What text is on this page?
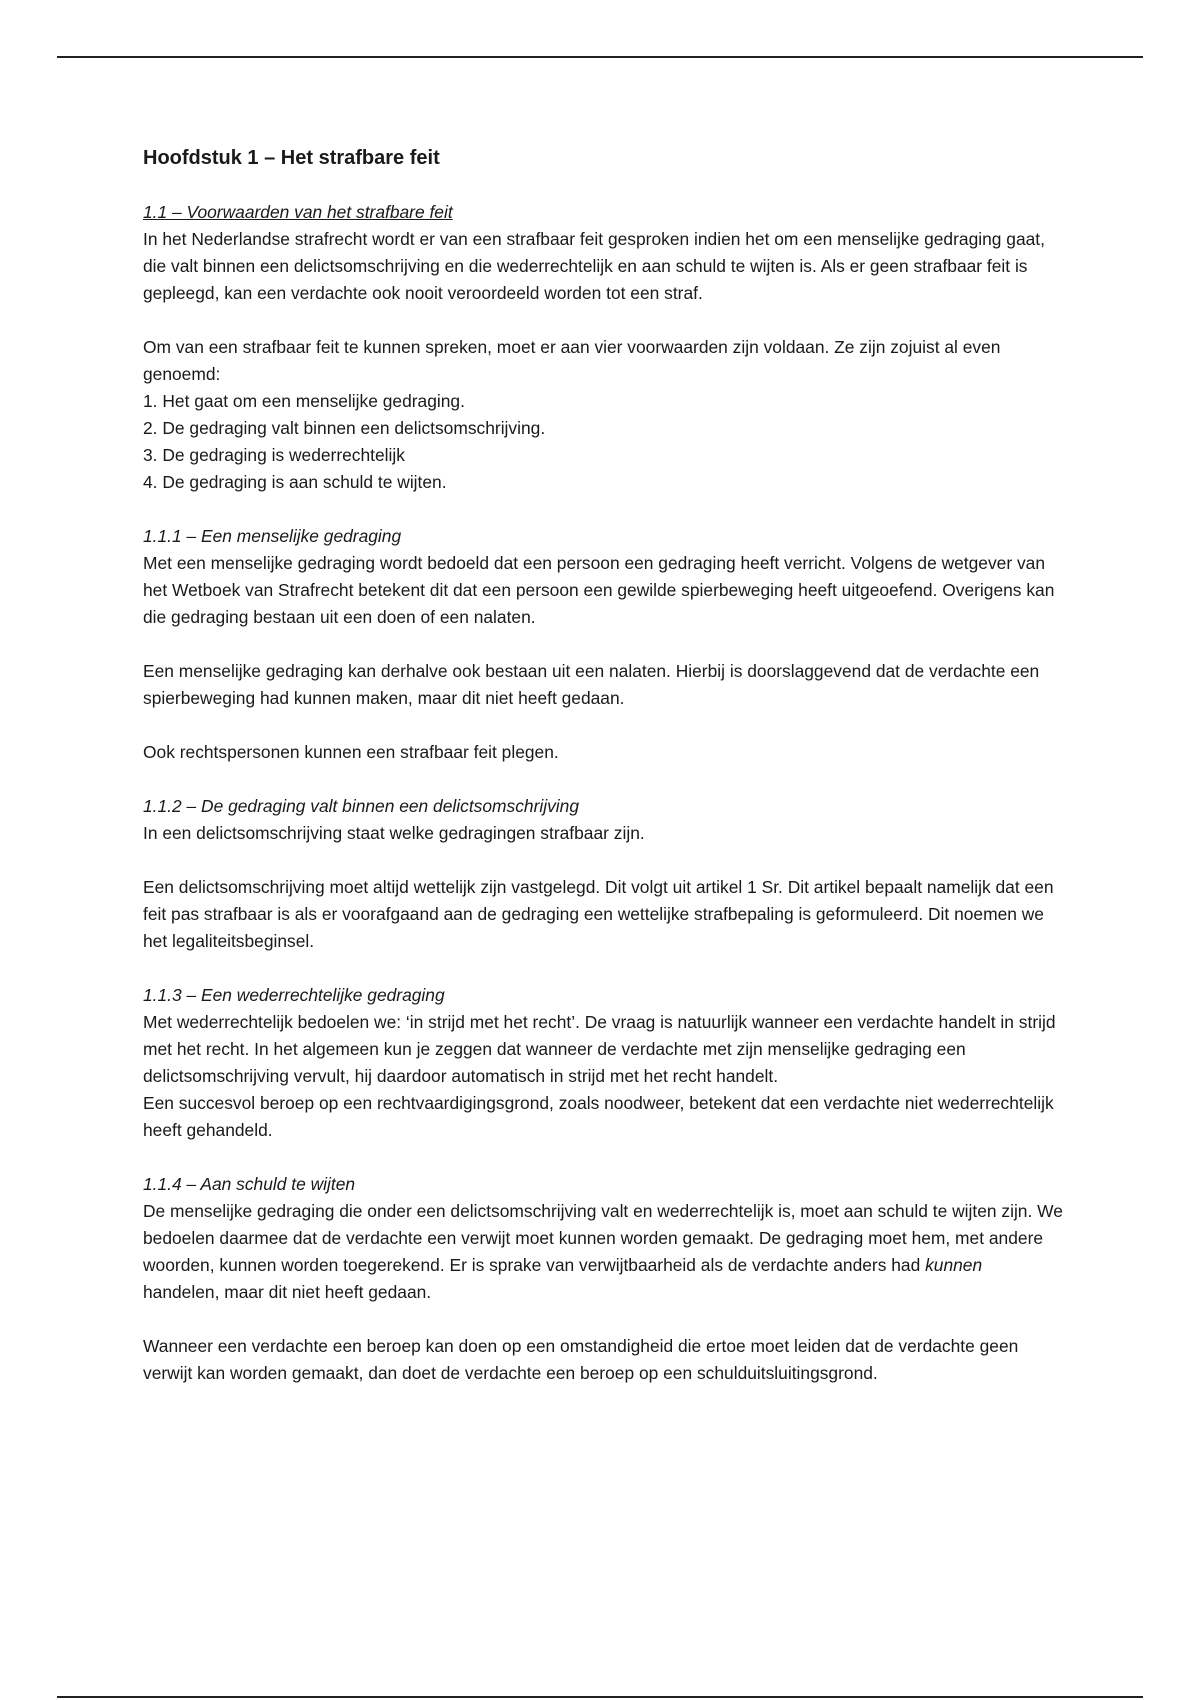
Hoofdstuk 1 – Het strafbare feit

1.1 – Voorwaarden van het strafbare feit

In het Nederlandse strafrecht wordt er van een strafbaar feit gesproken indien het om een menselijke gedraging gaat, die valt binnen een delictsomschrijving en die wederrechtelijk en aan schuld te wijten is. Als er geen strafbaar feit is gepleegd, kan een verdachte ook nooit veroordeeld worden tot een straf.

Om van een strafbaar feit te kunnen spreken, moet er aan vier voorwaarden zijn voldaan. Ze zijn zojuist al even genoemd:

1. Het gaat om een menselijke gedraging.
2. De gedraging valt binnen een delictsomschrijving.
3. De gedraging is wederrechtelijk
4. De gedraging is aan schuld te wijten.

1.1.1 – Een menselijke gedraging

Met een menselijke gedraging wordt bedoeld dat een persoon een gedraging heeft verricht. Volgens de wetgever van het Wetboek van Strafrecht betekent dit dat een persoon een gewilde spierbeweging heeft uitgeoefend. Overigens kan die gedraging bestaan uit een doen of een nalaten.

Een menselijke gedraging kan derhalve ook bestaan uit een nalaten. Hierbij is doorslaggevend dat de verdachte een spierbeweging had kunnen maken, maar dit niet heeft gedaan.

Ook rechtspersonen kunnen een strafbaar feit plegen.

1.1.2 – De gedraging valt binnen een delictsomschrijving

In een delictsomschrijving staat welke gedragingen strafbaar zijn.

Een delictsomschrijving moet altijd wettelijk zijn vastgelegd. Dit volgt uit artikel 1 Sr. Dit artikel bepaalt namelijk dat een feit pas strafbaar is als er voorafgaand aan de gedraging een wettelijke strafbepaling is geformuleerd. Dit noemen we het legaliteitsbeginsel.

1.1.3 – Een wederrechtelijke gedraging

Met wederrechtelijk bedoelen we: ‘in strijd met het recht’. De vraag is natuurlijk wanneer een verdachte handelt in strijd met het recht. In het algemeen kun je zeggen dat wanneer de verdachte met zijn menselijke gedraging een delictsomschrijving vervult, hij daardoor automatisch in strijd met het recht handelt.

Een succesvol beroep op een rechtvaardigingsgrond, zoals noodweer, betekent dat een verdachte niet wederrechtelijk heeft gehandeld.

1.1.4 – Aan schuld te wijten

De menselijke gedraging die onder een delictsomschrijving valt en wederrechtelijk is, moet aan schuld te wijten zijn. We bedoelen daarmee dat de verdachte een verwijt moet kunnen worden gemaakt. De gedraging moet hem, met andere woorden, kunnen worden toegerekend. Er is sprake van verwijtbaarheid als de verdachte anders had kunnen handelen, maar dit niet heeft gedaan.

Wanneer een verdachte een beroep kan doen op een omstandigheid die ertoe moet leiden dat de verdachte geen verwijt kan worden gemaakt, dan doet de verdachte een beroep op een schulduitsluitingsgrond.
